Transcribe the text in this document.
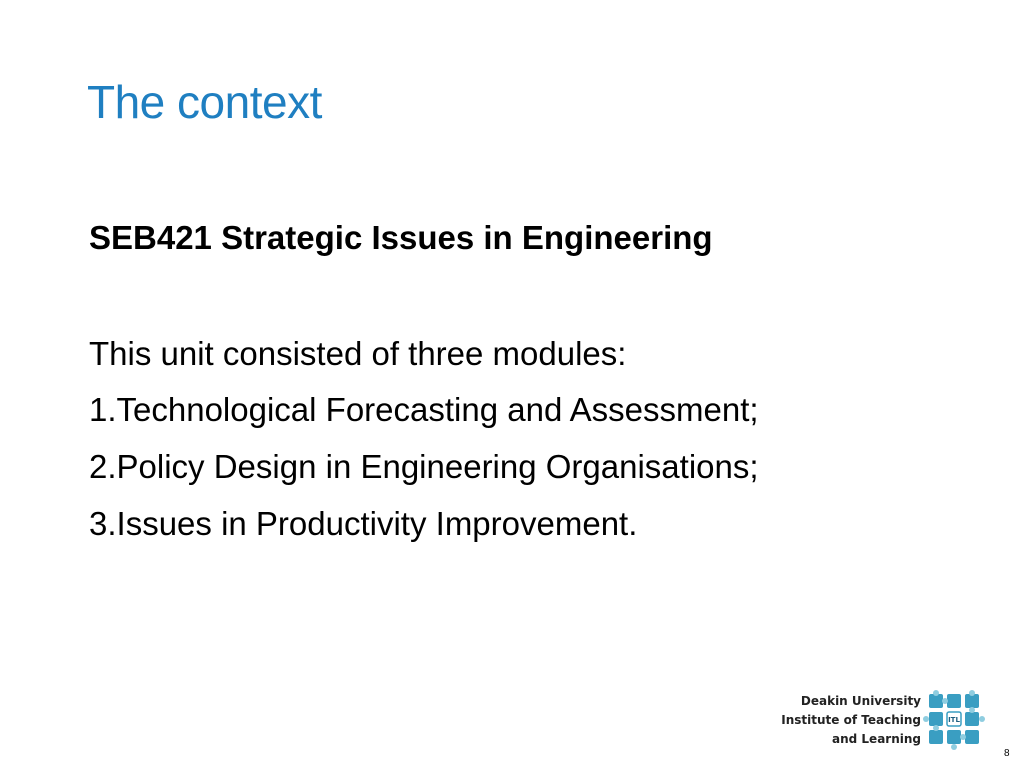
The context
SEB421 Strategic Issues in Engineering

This unit consisted of three modules:

1.Technological Forecasting and Assessment;
2.Policy Design in Engineering Organisations;
3.Issues in Productivity Improvement.
Deakin University
Institute of Teaching
and Learning
ITL
8
